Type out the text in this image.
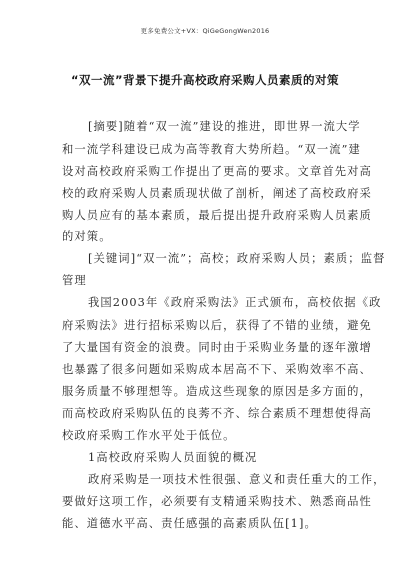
更多免费公文+VX：QiGeGongWen2016
“双一流”背景下提升高校政府采购人员素质的对策
[摘要]随着“双一流”建设的推进，即世界一流大学
和一流学科建设已成为高等教育大势所趋。“双一流”建
设对高校政府采购工作提出了更高的要求。文章首先对高
校的政府采购人员素质现状做了剖析，阐述了高校政府采
购人员应有的基本素质，最后提出提升政府采购人员素质
的对策。
[关键词]“双一流”；高校；政府采购人员；素质；监督
管理
我国2003年《政府采购法》正式颁布，高校依据《政
府采购法》进行招标采购以后，获得了不错的业绩，避免
了大量国有资金的浪费。同时由于采购业务量的逐年激增
也暴露了很多问题如采购成本居高不下、采购效率不高、
服务质量不够理想等。造成这些现象的原因是多方面的，
而高校政府采购队伍的良莠不齐、综合素质不理想使得高
校政府采购工作水平处于低位。
1高校政府采购人员面貌的概况
政府采购是一项技术性很强、意义和责任重大的工作，
要做好这项工作，必须要有支精通采购技术、熟悉商品性
能、道德水平高、责任感强的高素质队伍[1]。
